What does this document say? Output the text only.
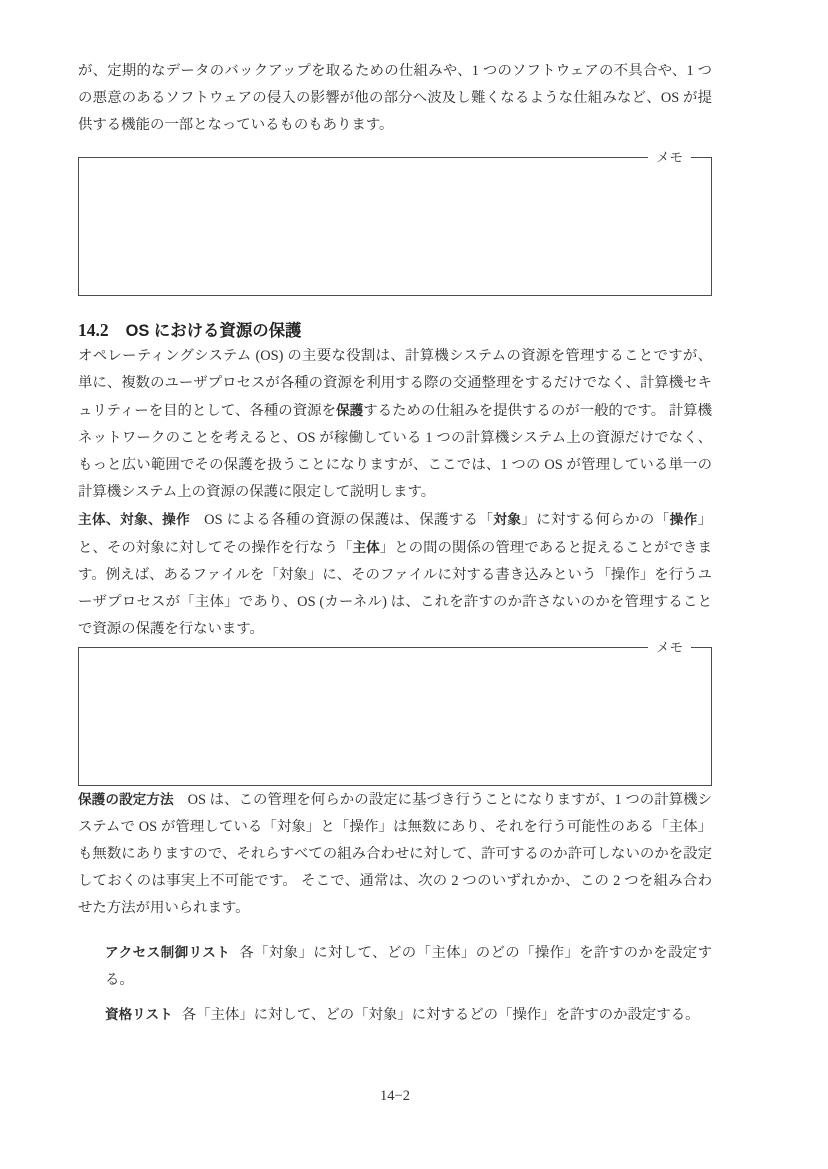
が、定期的なデータのバックアップを取るための仕組みや、1 つのソフトウェアの不具合や、1 つの悪意のあるソフトウェアの侵入の影響が他の部分へ波及し難くなるような仕組みなど、OS が提供する機能の一部となっているものもあります。

メモ
14.2 OS における資源の保護

オペレーティングシステム (OS) の主要な役割は、計算機システムの資源を管理することですが、単に、複数のユーザプロセスが各種の資源を利用する際の交通整理をするだけでなく、計算機セキュリティーを目的として、各種の資源を保護するための仕組みを提供するのが一般的です。 計算機ネットワークのことを考えると、OS が稼働している 1 つの計算機システム上の資源だけでなく、もっと広い範囲でその保護を扱うことになりますが、ここでは、1 つの OS が管理している単一の計算機システム上の資源の保護に限定して説明します。

主体、対象、操作 OS による各種の資源の保護は、保護する「対象」に対する何らかの「操作」と、その対象に対してその操作を行なう「主体」との間の関係の管理であると捉えることができます。例えば、あるファイルを「対象」に、そのファイルに対する書き込みという「操作」を行うユーザプロセスが「主体」であり、OS (カーネル) は、これを許すのか許さないのかを管理することで資源の保護を行ないます。

メモ

保護の設定方法 OS は、この管理を何らかの設定に基づき行うことになりますが、1 つの計算機システムで OS が管理している「対象」と「操作」は無数にあり、それを行う可能性のある「主体」も無数にありますので、それらすべての組み合わせに対して、許可するのか許可しないのかを設定しておくのは事実上不可能です。 そこで、通常は、次の 2 つのいずれかか、この 2 つを組み合わせた方法が用いられます。

アクセス制御リスト 各「対象」に対して、どの「主体」のどの「操作」を許すのかを設定する。

資格リスト 各「主体」に対して、どの「対象」に対するどの「操作」を許すのか設定する。

14−2
